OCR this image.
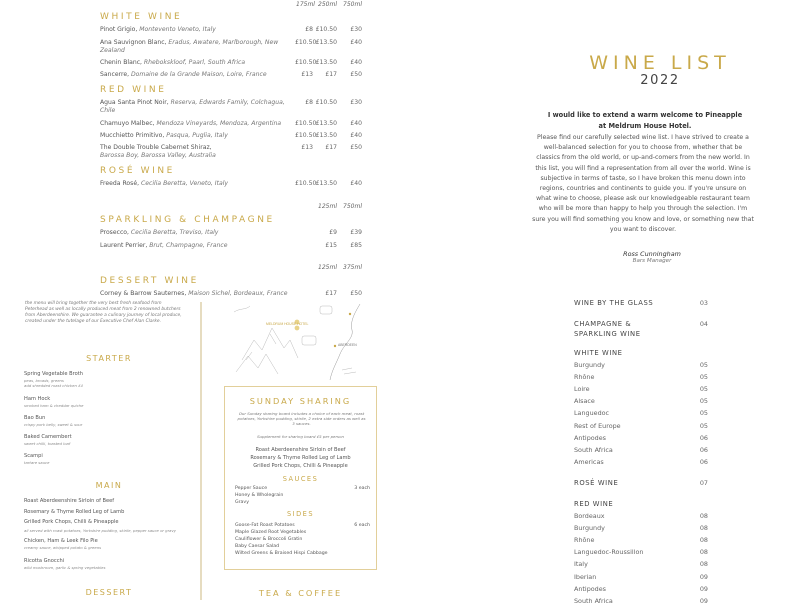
175ml 250ml 750ml
WHITE WINE
Pinot Grigio, Montevento Veneto, Italy	£8 £10.50	£30
Ana Sauvignon Blanc, Eradus, Awatere, Marlborough, New Zealand
£10.50 £13.50	£40
Chenin Blanc, Rhebokskloof, Paarl, South Africa	£10.50 £13.50	£40
Sancerre, Domaine de la Grande Maison, Loire, France	£13	£17	£50
RED WINE
Agua Santa Pinot Noir, Reserva, Edwards Family, Colchagua, Chile
£8 £10.50	£30
Chamuyo Malbec, Mendoza Vineyards, Mendoza, Argentina	£10.50 £13.50	£40
Mucchietto Primitivo, Pasqua, Puglia, Italy	£10.50 £13.50	£40
The Double Trouble Cabernet Shiraz,
Barossa Boy, Barossa Valley, Australia
£13	£17	£50
ROSÉ WINE
Freeda Rosé, Cecilia Beretta, Veneto, Italy	£10.50 £13.50	£40
125ml 750ml
SPARKLING & CHAMPAGNE
Prosecco, Cecilia Beretta, Treviso, Italy	£9	£39
Laurent Perrier, Brut, Champagne, France	£15	£85
125ml 375ml
DESSERT WINE
Corney & Barrow Sauternes, Maison Sichel, Bordeaux, France	£17	£50
the menu will bring together the very best fresh seafood from Peterhead as well as locally produced meat from 2 renowned butchers from Aberdeenshire. We guarantee a culinary journey of local produce, created under the tutelage of our Executive Chef Alan Clarke.
STARTER
Spring Vegetable Broth
peas, broads, greens
add shredded roast chicken £4
Ham Hock
smoked ham & cheddar quiche
Bao Bun
crispy pork belly, sweet & sour
Baked Camembert
sweet chilli, toasted loaf
Scampi
tartare sauce
MAIN
Roast Aberdeenshire Sirloin of Beef
Rosemary & Thyme Rolled Leg of Lamb
Grilled Pork Chops, Chilli & Pineapple
all served with roast potatoes, Yorkshire pudding, skirlie, pepper sauce or gravy
Chicken, Ham & Leek Filo Pie
creamy sauce, whipped potato & greens
Ricotta Gnocchi
wild mushroom, garlic & spring vegetables
DESSERT
MELDRUM HOUSE HOTEL
ABERDEEN
SUNDAY SHARING
Our Sunday sharing board includes a choice of each meat, roast potatoes, Yorkshire pudding, skirlie, 2 extra side orders as well as 3 sauces.
Supplement for sharing board £5 per person
Roast Aberdeenshire Sirloin of Beef
Rosemary & Thyme Rolled Leg of Lamb
Grilled Pork Chops, Chilli & Pineapple
SAUCES
Pepper Sauce	3 each
Honey & Wholegrain
Gravy
SIDES
Goose-Fat Roast Potatoes	6 each
Maple Glazed Root Vegetables
Cauliflower & Broccoli Gratin
Baby Caesar Salad
Wilted Greens & Braised Hispi Cabbage
TEA & COFFEE
WINE LIST
2022
I would like to extend a warm welcome to Pineapple at Meldrum House Hotel.
Please find our carefully selected wine list. I have strived to create a well-balanced selection for you to choose from, whether that be classics from the old world, or up-and-comers from the new world. In this list, you will find a representation from all over the world. Wine is subjective in terms of taste, so I have broken this menu down into regions, countries and continents to guide you. If you're unsure on what wine to choose, please ask our knowledgeable restaurant team who will be more than happy to help you through the selection. I'm sure you will find something you know and love, or something new that you want to discover.
Ross Cunningham
Bars Manager
WINE BY THE GLASS	03
CHAMPAGNE &	04
SPARKLING WINE
WHITE WINE
Burgundy	05
Rhône	05
Loire	05
Alsace	05
Languedoc	05
Rest of Europe	05
Antipodes	06
South Africa	06
Americas	06
ROSÉ WINE	07
RED WINE
Bordeaux	08
Burgundy	08
Rhône	08
Languedoc-Roussillon	08
Italy	08
Iberian	09
Antipodes	09
South Africa	09
